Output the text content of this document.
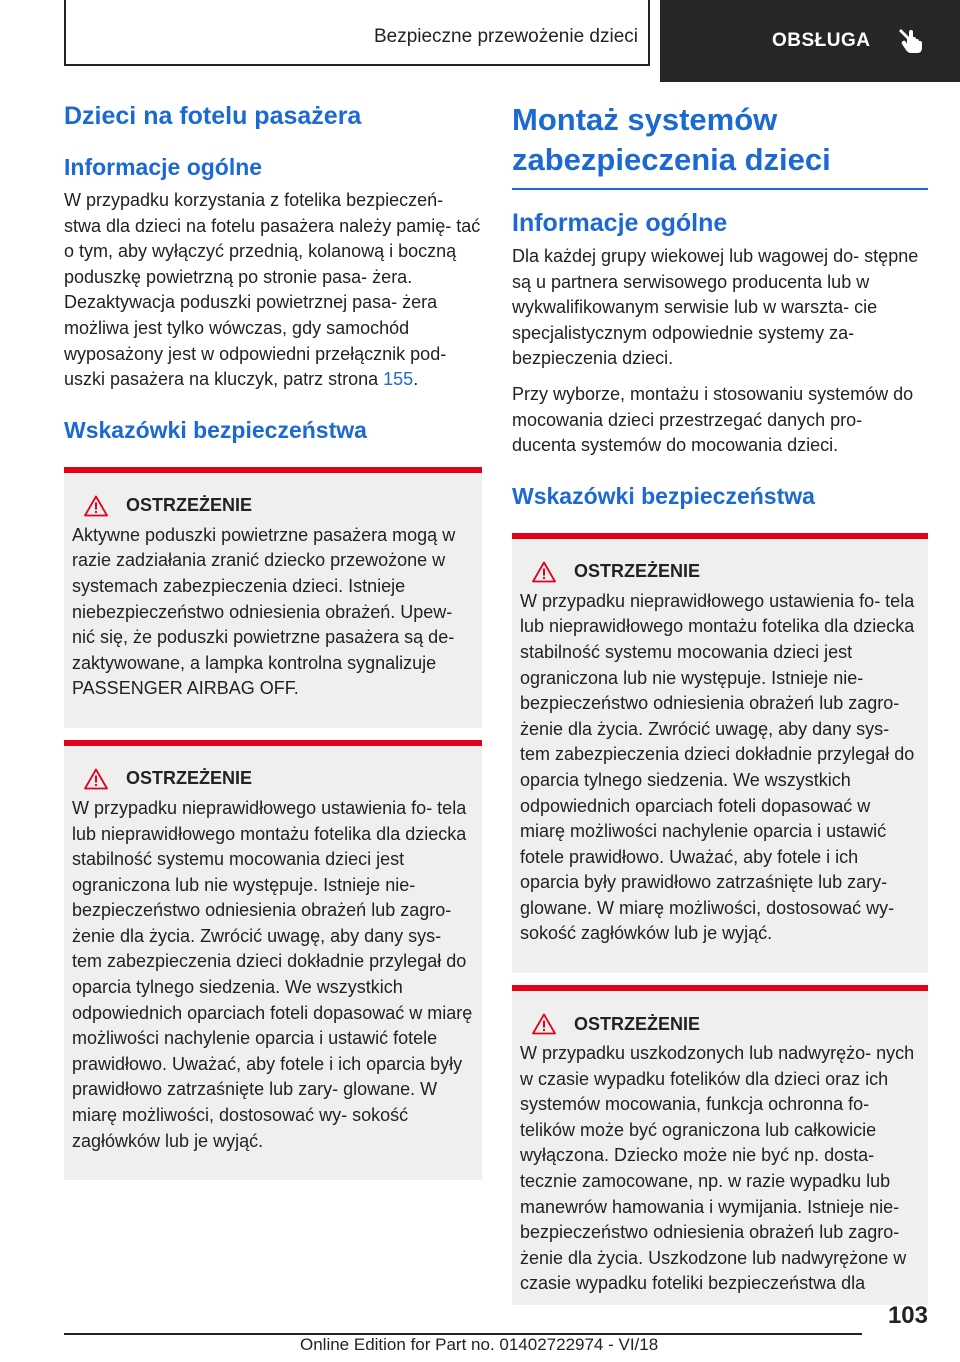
Bezpieczne przewożenie dzieci	OBSŁUGA
Dzieci na fotelu pasażera
Informacje ogólne

W przypadku korzystania z fotelika bezpieczeń‐ stwa dla dzieci na fotelu pasażera należy pamię‐ tać o tym, aby wyłączyć przednią, kolanową i boczną poduszkę powietrzną po stronie pasa‐ żera. Dezaktywacja poduszki powietrznej pasa‐ żera możliwa jest tylko wówczas, gdy samochód wyposażony jest w odpowiedni przełącznik pod‐ uszki pasażera na kluczyk, patrz strona 155.

Wskazówki bezpieczeństwa
OSTRZEŻENIE

Aktywne poduszki powietrzne pasażera mogą w razie zadziałania zranić dziecko przewożone w systemach zabezpieczenia dzieci. Istnieje niebezpieczeństwo odniesienia obrażeń. Upew‐ nić się, że poduszki powietrzne pasażera są de‐ zaktywowane, a lampka kontrolna sygnalizuje PASSENGER AIRBAG OFF.

OSTRZEŻENIE

W przypadku nieprawidłowego ustawienia fo‐ tela lub nieprawidłowego montażu fotelika dla dziecka stabilność systemu mocowania dzieci jest ograniczona lub nie występuje. Istnieje nie‐ bezpieczeństwo odniesienia obrażeń lub zagro‐ żenie dla życia. Zwrócić uwagę, aby dany sys‐ tem zabezpieczenia dzieci dokładnie przylegał do oparcia tylnego siedzenia. We wszystkich odpowiednich oparciach foteli dopasować w miarę możliwości nachylenie oparcia i ustawić fotele prawidłowo. Uważać, aby fotele i ich oparcia były prawidłowo zatrzaśnięte lub zary‐ glowane. W miarę możliwości, dostosować wy‐ sokość zagłówków lub je wyjąć.

Montaż systemów zabezpieczenia dzieci
Informacje ogólne

Dla każdej grupy wiekowej lub wagowej do‐ stępne są u partnera serwisowego producenta lub w wykwalifikowanym serwisie lub w warszta‐ cie specjalistycznym odpowiednie systemy za‐ bezpieczenia dzieci.

Przy wyborze, montażu i stosowaniu systemów do mocowania dzieci przestrzegać danych pro‐ ducenta systemów do mocowania dzieci.

Wskazówki bezpieczeństwa
OSTRZEŻENIE

W przypadku nieprawidłowego ustawienia fo‐ tela lub nieprawidłowego montażu fotelika dla dziecka stabilność systemu mocowania dzieci jest ograniczona lub nie występuje. Istnieje nie‐ bezpieczeństwo odniesienia obrażeń lub zagro‐ żenie dla życia. Zwrócić uwagę, aby dany sys‐ tem zabezpieczenia dzieci dokładnie przylegał do oparcia tylnego siedzenia. We wszystkich odpowiednich oparciach foteli dopasować w miarę możliwości nachylenie oparcia i ustawić fotele prawidłowo. Uważać, aby fotele i ich oparcia były prawidłowo zatrzaśnięte lub zary‐ glowane. W miarę możliwości, dostosować wy‐ sokość zagłówków lub je wyjąć.

OSTRZEŻENIE

W przypadku uszkodzonych lub nadwyrężo‐ nych w czasie wypadku fotelików dla dzieci oraz ich systemów mocowania, funkcja ochronna fo‐ telików może być ograniczona lub całkowicie wyłączona. Dziecko może nie być np. dosta‐ tecznie zamocowane, np. w razie wypadku lub manewrów hamowania i wymijania. Istnieje nie‐ bezpieczeństwo odniesienia obrażeń lub zagro‐ żenie dla życia. Uszkodzone lub nadwyrężone w czasie wypadku foteliki bezpieczeństwa dla

103
Online Edition for Part no. 01402722974 - VI/18
